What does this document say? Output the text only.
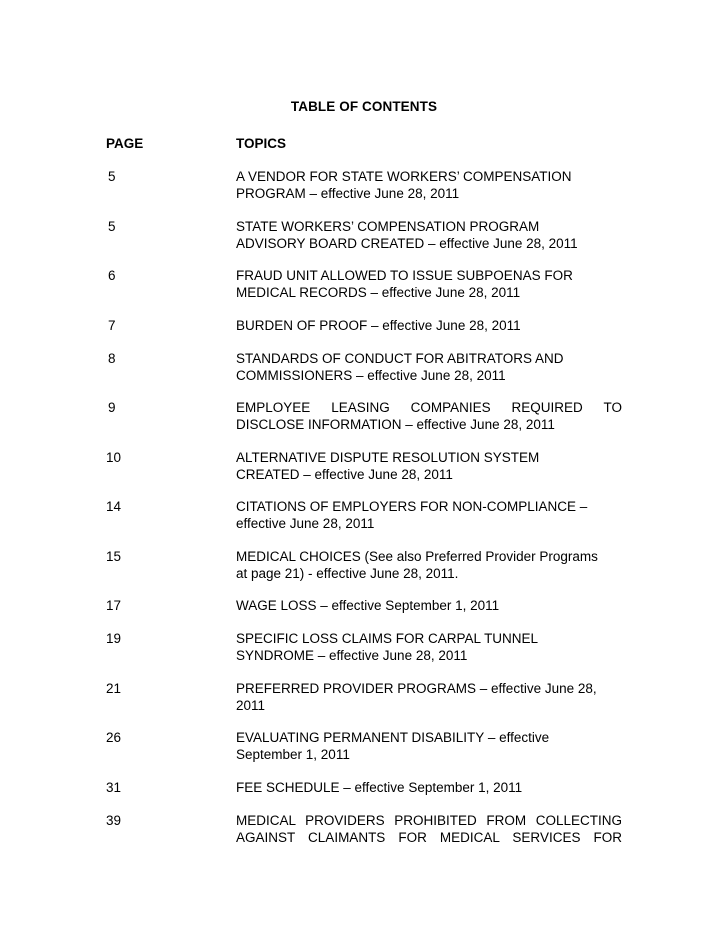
TABLE OF CONTENTS
PAGE	TOPICS
5	A VENDOR FOR STATE WORKERS’ COMPENSATION
PROGRAM – effective June 28, 2011
5	STATE WORKERS’ COMPENSATION PROGRAM
ADVISORY BOARD CREATED – effective June 28, 2011
6	FRAUD UNIT ALLOWED TO ISSUE SUBPOENAS FOR
MEDICAL RECORDS – effective June 28, 2011
7	BURDEN OF PROOF – effective June 28, 2011
8	STANDARDS OF CONDUCT FOR ABITRATORS AND
COMMISSIONERS – effective June 28, 2011
9	EMPLOYEE LEASING COMPANIES REQUIRED TO
DISCLOSE INFORMATION – effective June 28, 2011
10	ALTERNATIVE DISPUTE RESOLUTION SYSTEM
CREATED – effective June 28, 2011
14	CITATIONS OF EMPLOYERS FOR NON-COMPLIANCE –
effective June 28, 2011
15	MEDICAL CHOICES (See also Preferred Provider Programs
at page 21) - effective June 28, 2011.
17	WAGE LOSS – effective September 1, 2011
19	SPECIFIC LOSS CLAIMS FOR CARPAL TUNNEL
SYNDROME – effective June 28, 2011
21	PREFERRED PROVIDER PROGRAMS – effective June 28,
2011
26	EVALUATING PERMANENT DISABILITY – effective
September 1, 2011
31	FEE SCHEDULE – effective September 1, 2011
39	MEDICAL PROVIDERS PROHIBITED FROM COLLECTING
AGAINST CLAIMANTS FOR MEDICAL SERVICES FOR
